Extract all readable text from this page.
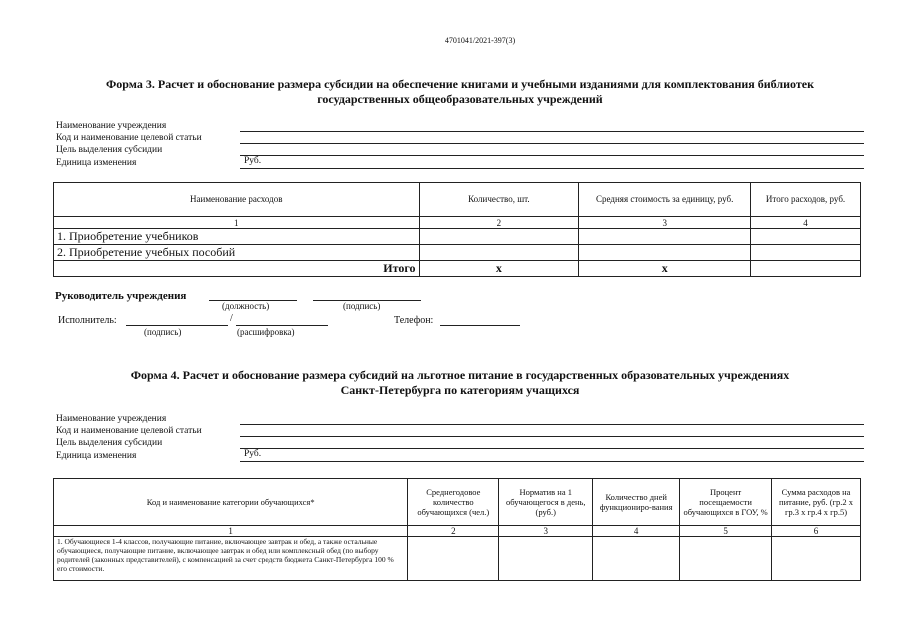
4701041/2021-397(3)
Форма 3. Расчет и обоснование размера субсидии на обеспечение книгами и учебными изданиями для комплектования библиотек
государственных общеобразовательных учреждений
Наименование учреждения
Код и наименование целевой статьи
Цель выделения субсидии
Единица изменения	Руб.
Наименование расходов	Количество, шт.	Средняя стоимость за единицу, руб.	Итого расходов, руб.
1	2	3	4
1. Приобретение учебников			
2. Приобретение учебных пособий			
Итого	х	х	
Руководитель учреждения
(должность)	(подпись)
Исполнитель:	/
(подпись)	(расшифровка)
Телефон:
Форма 4. Расчет и обоснование размера субсидий на льготное питание в государственных образовательных учреждениях
Санкт-Петербурга по категориям учащихся
Наименование учреждения
Код и наименование целевой статьи
Цель выделения субсидии
Единица изменения	Руб.
Код и наименование категории обучающихся*	Среднегодовое количество обучающихся (чел.)	Норматив на 1 обучающегося в день, (руб.)	Количество дней функциониро-вания	Процент посещаемости обучающихся в ГОУ, %	Сумма расходов на питание, руб. (гр.2 х гр.3 х гр.4 х гр.5)
1	2	3	4	5	6
1. Обучающиеся 1-4 классов, получающие питание, включающее завтрак и обед, а также остальные обучающиеся, получающие питание, включающее завтрак и обед или комплексный обед (по выбору родителей (законных представителей), с компенсацией за счет средств бюджета Санкт-Петербурга 100 % его стоимости.					
